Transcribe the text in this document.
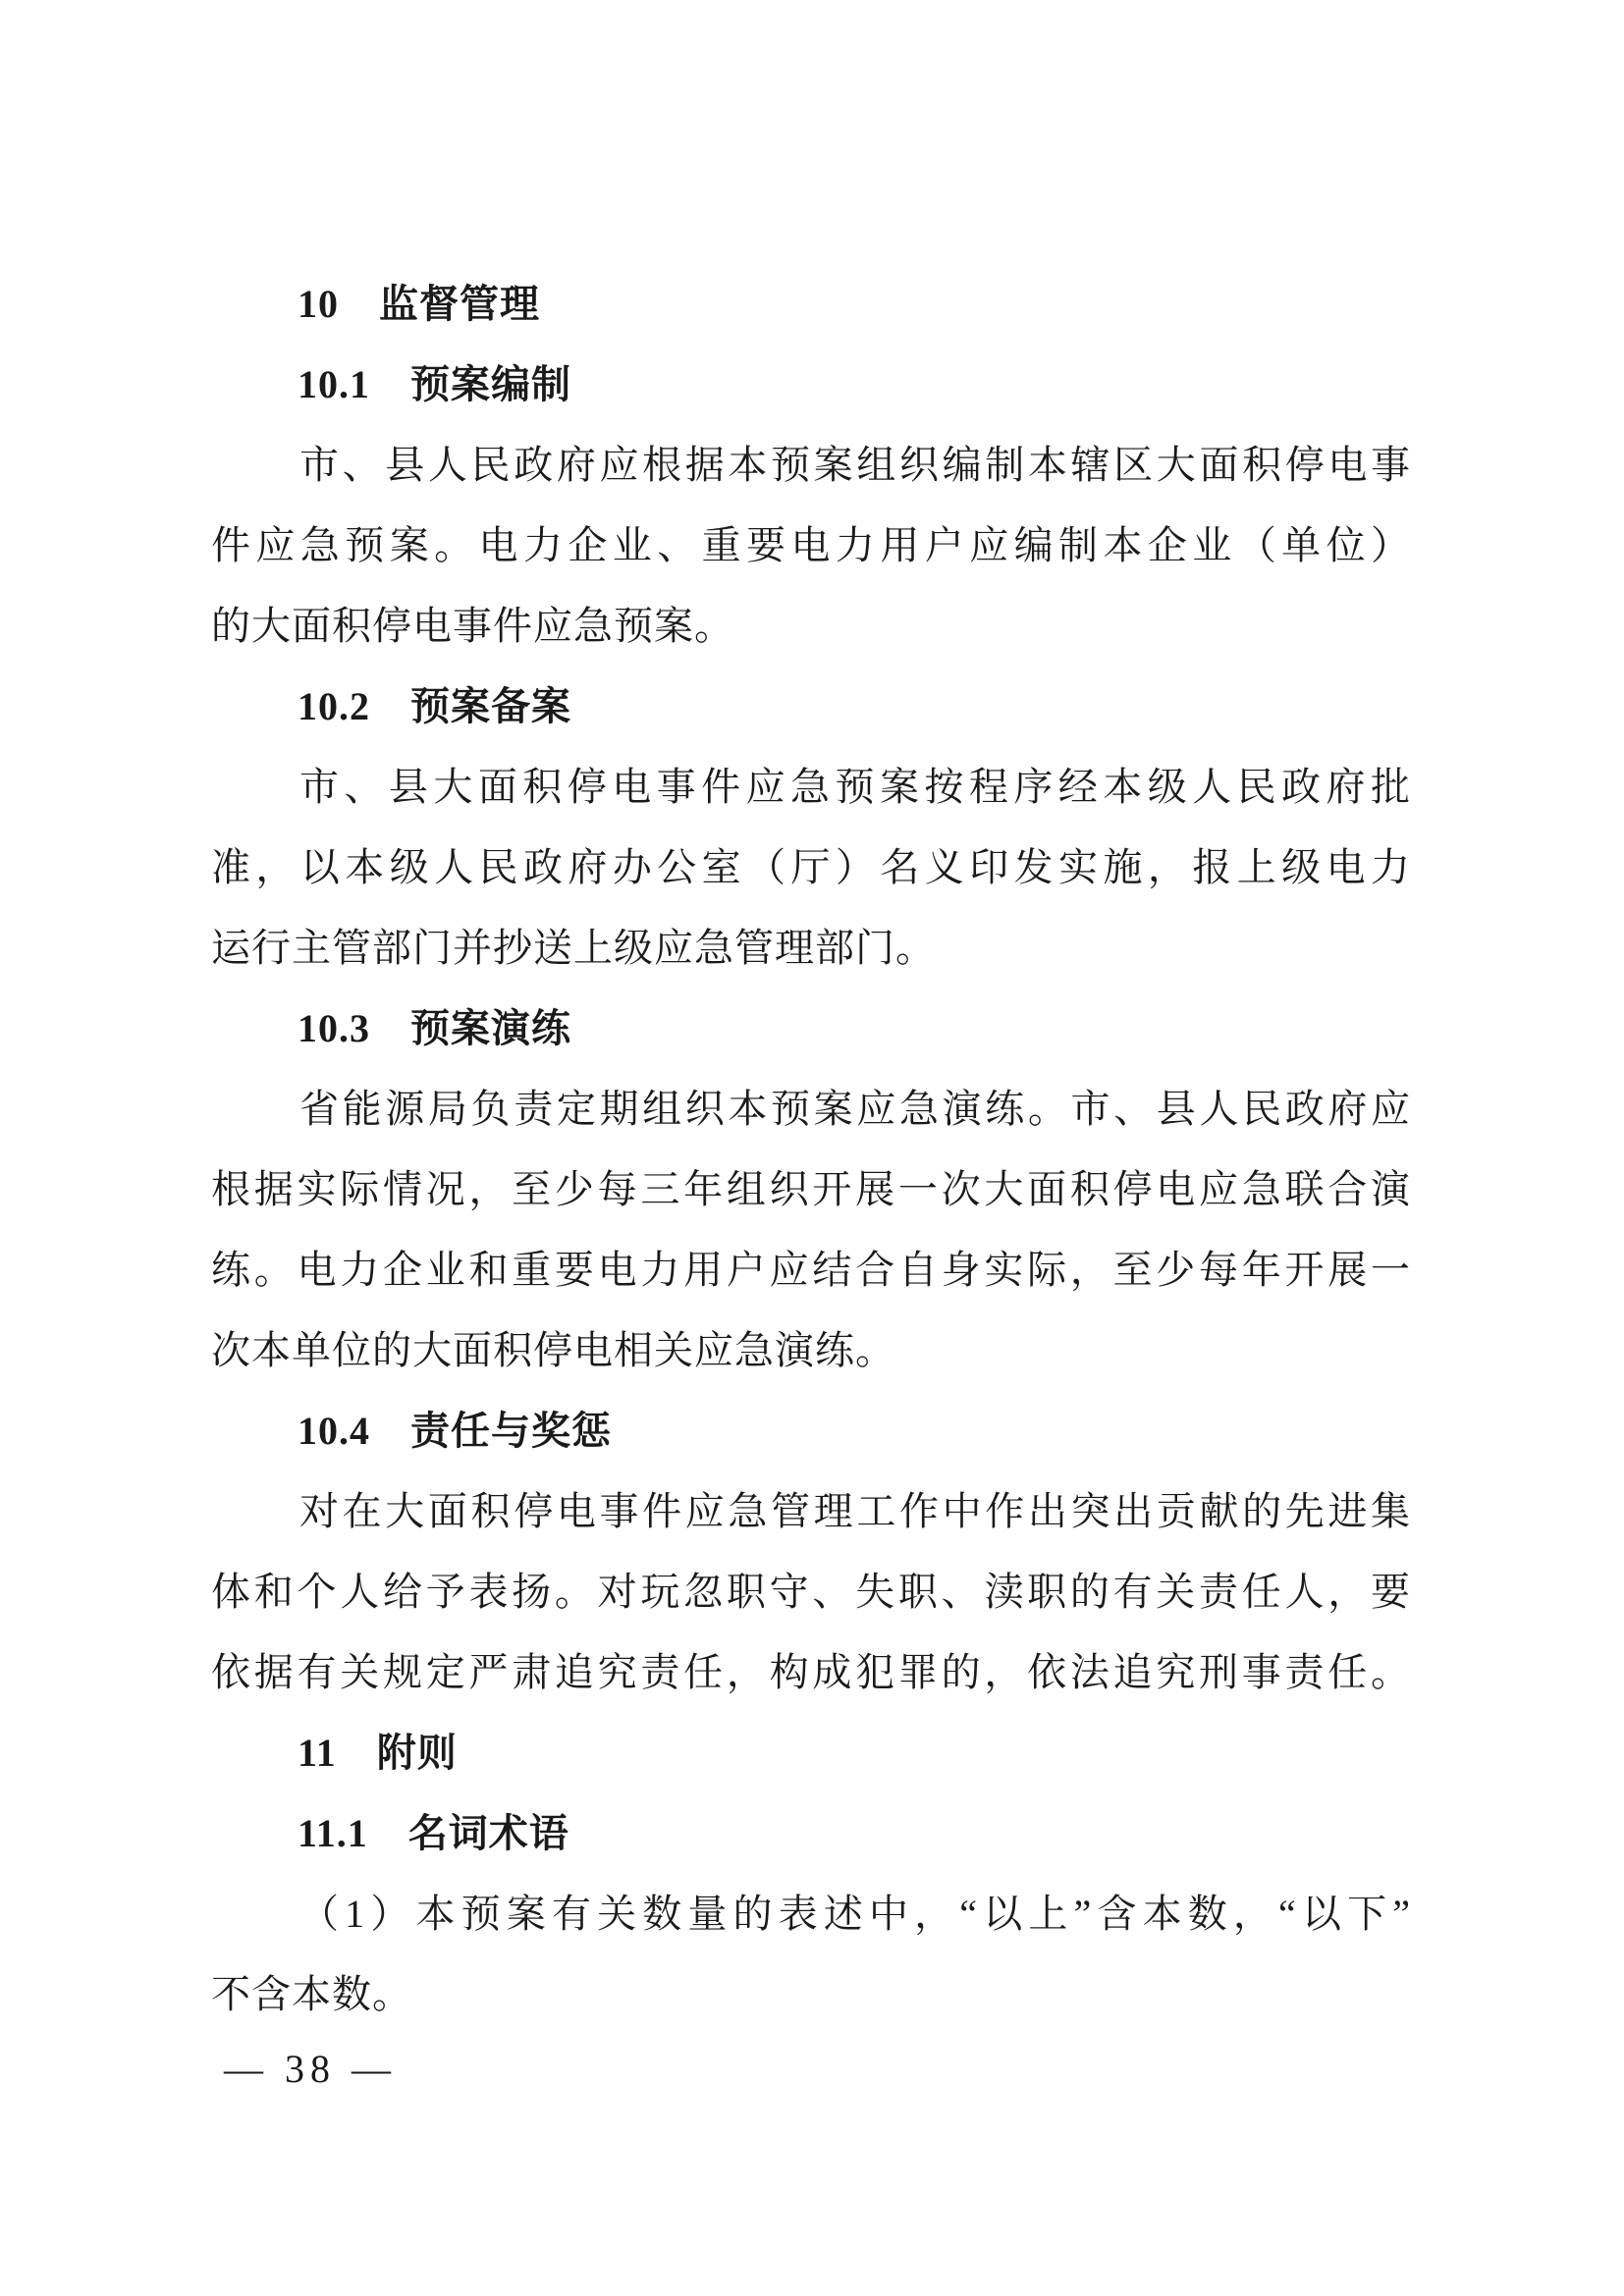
10　监督管理
10.1　预案编制
市、县人民政府应根据本预案组织编制本辖区大面积停电事
件应急预案。电力企业、重要电力用户应编制本企业（单位）
的大面积停电事件应急预案。
10.2　预案备案
市、县大面积停电事件应急预案按程序经本级人民政府批
准，以本级人民政府办公室（厅）名义印发实施，报上级电力
运行主管部门并抄送上级应急管理部门。
10.3　预案演练
省能源局负责定期组织本预案应急演练。市、县人民政府应
根据实际情况，至少每三年组织开展一次大面积停电应急联合演
练。电力企业和重要电力用户应结合自身实际，至少每年开展一
次本单位的大面积停电相关应急演练。
10.4　责任与奖惩
对在大面积停电事件应急管理工作中作出突出贡献的先进集
体和个人给予表扬。对玩忽职守、失职、渎职的有关责任人，要
依据有关规定严肃追究责任，构成犯罪的，依法追究刑事责任。
11　附则
11.1　名词术语
（1）本预案有关数量的表述中，“以上”含本数，“以下”
不含本数。
— 38 —
